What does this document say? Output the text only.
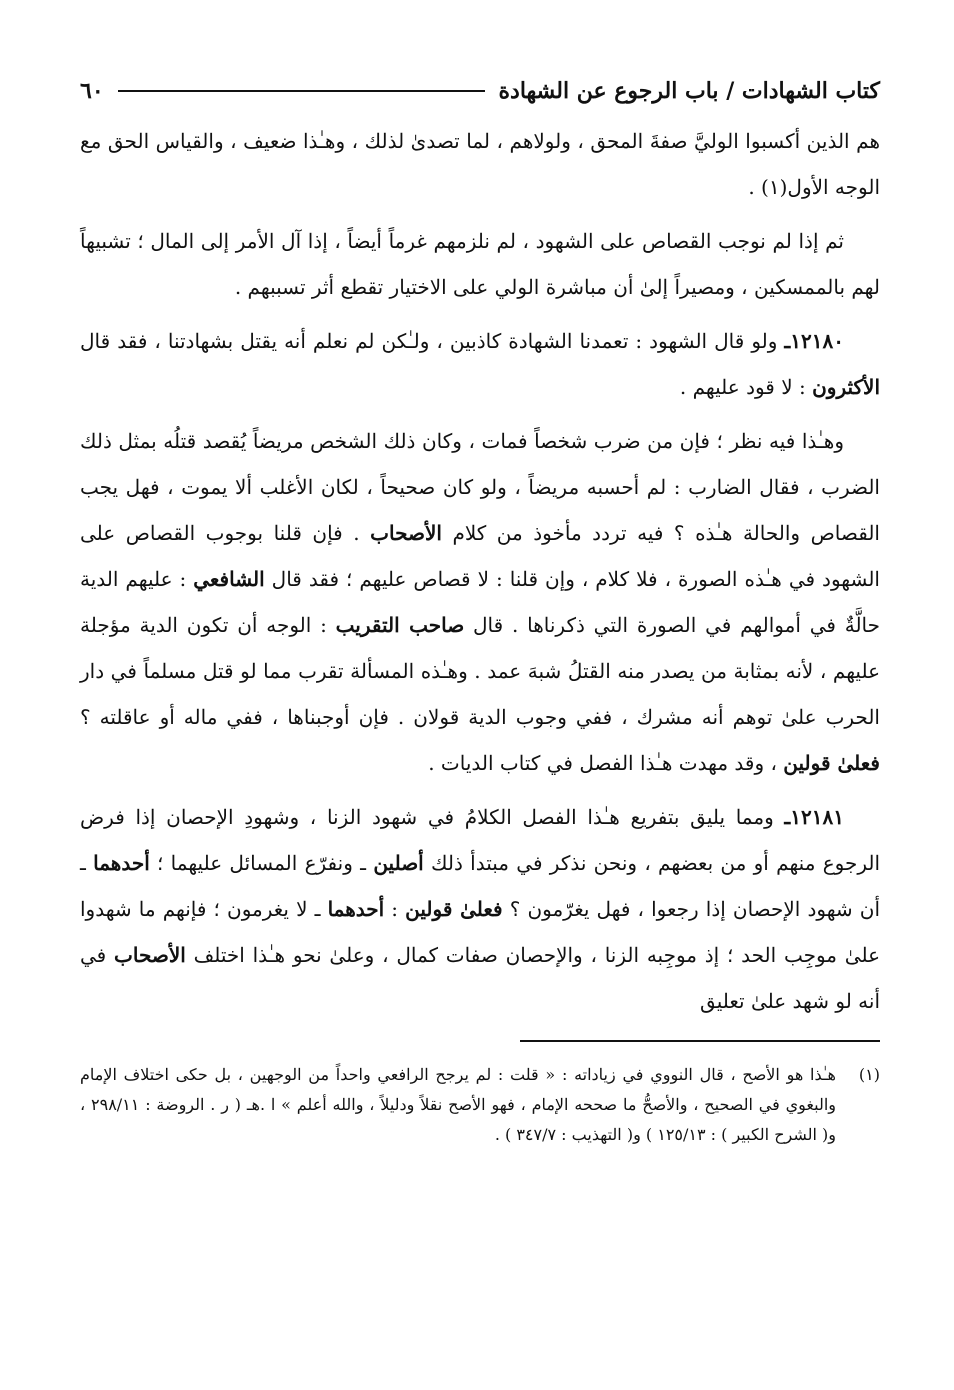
كتاب الشهادات / باب الرجوع عن الشهادة
٦٠

هم الذين أكسبوا الوليَّ صفةَ المحق ، ولولاهم ، لما تصدىٰ لذلك ، وهـٰذا ضعيف ، والقياس الحق مع الوجه الأول(١) .

ثم إذا لم نوجب القصاص على الشهود ، لم نلزمهم غرماً أيضاً ، إذا آل الأمر إلى المال ؛ تشبيهاً لهم بالممسكين ، ومصيراً إلىٰ أن مباشرة الولي على الاختيار تقطع أثر تسببهم .

١٢١٨٠ـ ولو قال الشهود : تعمدنا الشهادة كاذبين ، ولـٰكن لم نعلم أنه يقتل بشهادتنا ، فقد قال الأكثرون : لا قود عليهم .

وهـٰذا فيه نظر ؛ فإن من ضرب شخصاً فمات ، وكان ذلك الشخص مريضاً يُقصد قتلُه بمثل ذلك الضرب ، فقال الضارب : لم أحسبه مريضاً ، ولو كان صحيحاً ، لكان الأغلب ألا يموت ، فهل يجب القصاص والحالة هـٰذه ؟ فيه تردد مأخوذ من كلام الأصحاب . فإن قلنا بوجوب القصاص على الشهود في هـٰذه الصورة ، فلا كلام ، وإن قلنا : لا قصاص عليهم ؛ فقد قال الشافعي : عليهم الدية حالَّةٌ في أموالهم في الصورة التي ذكرناها . قال صاحب التقريب : الوجه أن تكون الدية مؤجلة عليهم ، لأنه بمثابة من يصدر منه القتلُ شبهَ عمد . وهـٰذه المسألة تقرب مما لو قتل مسلماً في دار الحرب علىٰ توهم أنه مشرك ، ففي وجوب الدية قولان . فإن أوجبناها ، ففي ماله أو عاقلته ؟ فعلىٰ قولين ، وقد مهدت هـٰذا الفصل في كتاب الديات .

١٢١٨١ـ ومما يليق بتفريع هـٰذا الفصل الكلامُ في شهود الزنا ، وشهودِ الإحصان إذا فرض الرجوع منهم أو من بعضهم ، ونحن نذكر في مبتدأ ذلك أصلين ـ ونفرّع المسائل عليهما ؛ أحدهما ـ أن شهود الإحصان إذا رجعوا ، فهل يغرّمون ؟ فعلىٰ قولين : أحدهما ـ لا يغرمون ؛ فإنهم ما شهدوا علىٰ موجِب الحد ؛ إذ موجِبه الزنا ، والإحصان صفات كمال ، وعلىٰ نحو هـٰذا اختلف الأصحاب في أنه لو شهد علىٰ تعليق

(١)
هـٰذا هو الأصح ، قال النووي في زياداته : « قلت : لم يرجح الرافعي واحداً من الوجهين ، بل حكى اختلاف الإمام والبغوي في الصحيح ، والأصحُّ ما صححه الإمام ، فهو الأصح نقلاً ودليلاً ، والله أعلم » ا .هـ ( ر . الروضة : ٢٩٨/١١ ، و( الشرح الكبير ) : ١٢٥/١٣ ) و( التهذيب : ٣٤٧/٧ ) .
